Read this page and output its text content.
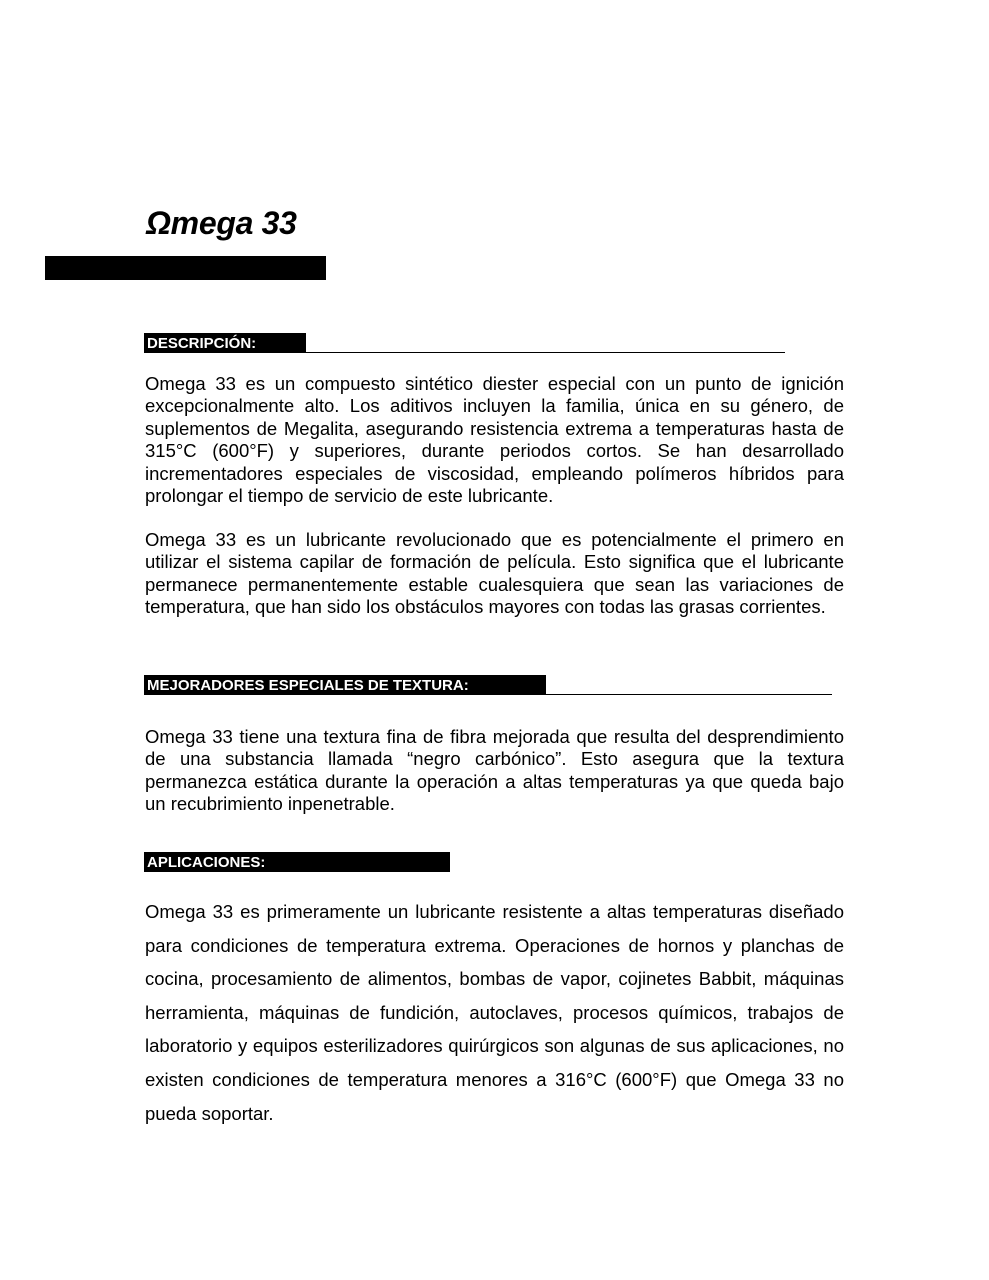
Ωmega 33
DESCRIPCIÓN:

Omega 33 es un compuesto sintético diester especial con un punto de ignición excepcionalmente alto. Los aditivos incluyen la familia, única en su género, de suplementos de Megalita, asegurando resistencia extrema a temperaturas hasta de 315°C (600°F) y superiores, durante periodos cortos. Se han desarrollado incrementadores especiales de viscosidad, empleando polímeros híbridos para prolongar el tiempo de servicio de este lubricante.

Omega 33 es un lubricante revolucionado que es potencialmente el primero en utilizar el sistema capilar de formación de película. Esto significa que el lubricante permanece permanentemente estable cualesquiera que sean las variaciones de temperatura, que han sido los obstáculos mayores con todas las grasas corrientes.

MEJORADORES ESPECIALES DE TEXTURA:

Omega 33 tiene una textura fina de fibra mejorada que resulta del desprendimiento de una substancia llamada “negro carbónico”. Esto asegura que la textura permanezca estática durante la operación a altas temperaturas ya que queda bajo un recubrimiento inpenetrable.

APLICACIONES:

Omega 33 es primeramente un lubricante resistente a altas temperaturas diseñado para condiciones de temperatura extrema. Operaciones de hornos y planchas de cocina, procesamiento de alimentos, bombas de vapor, cojinetes Babbit, máquinas herramienta, máquinas de fundición, autoclaves, procesos químicos, trabajos de laboratorio y equipos esterilizadores quirúrgicos son algunas de sus aplicaciones, no existen condiciones de temperatura menores a 316°C (600°F) que Omega 33 no pueda soportar.
